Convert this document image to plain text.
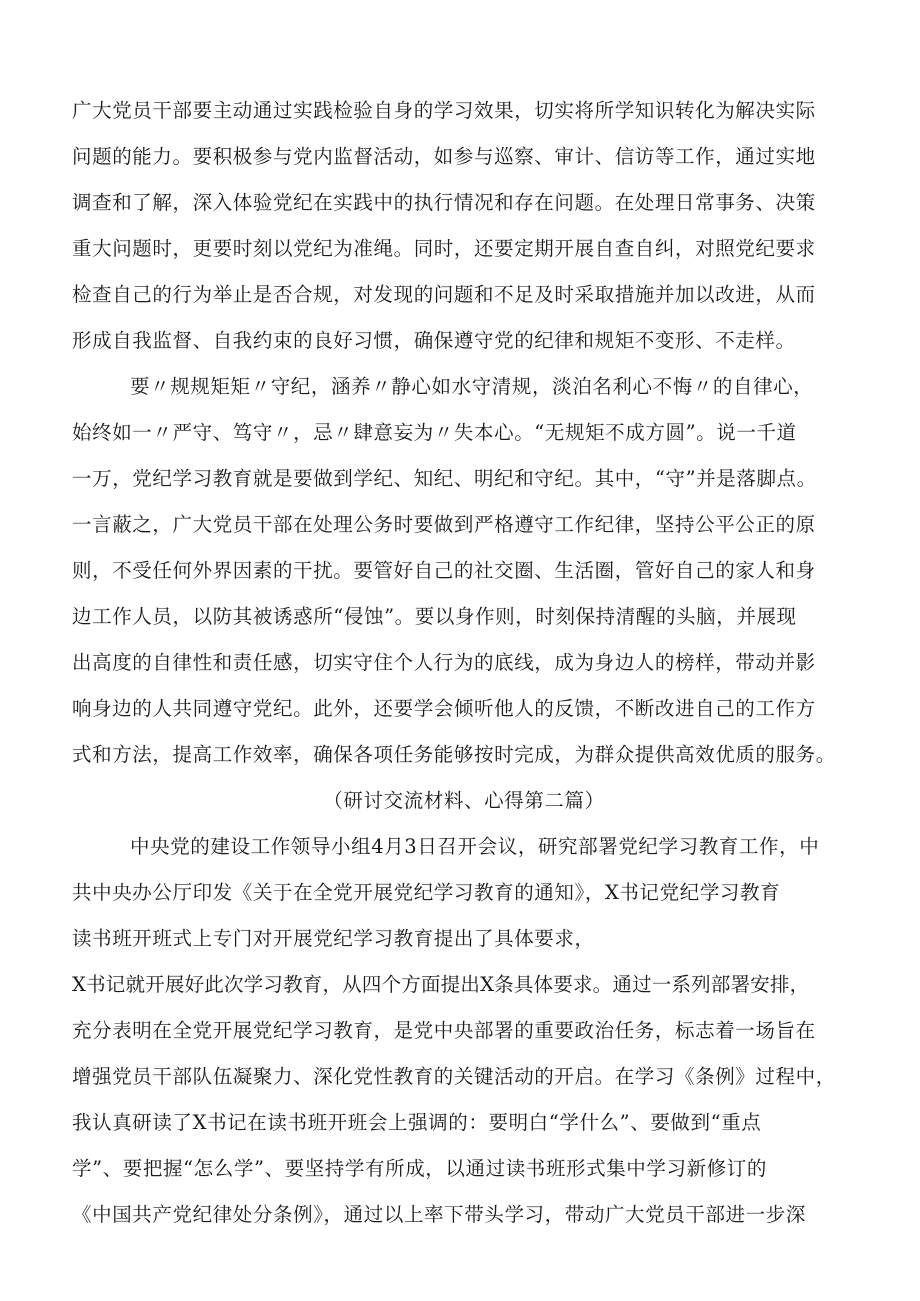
广大党员干部要主动通过实践检验自身的学习效果，切实将所学知识转化为解决实际
问题的能力。要积极参与党内监督活动，如参与巡察、审计、信访等工作，通过实地
调查和了解，深入体验党纪在实践中的执行情况和存在问题。在处理日常事务、决策
重大问题时，更要时刻以党纪为准绳。同时，还要定期开展自查自纠，对照党纪要求
检查自己的行为举止是否合规，对发现的问题和不足及时采取措施并加以改进，从而
形成自我监督、自我约束的良好习惯，确保遵守党的纪律和规矩不变形、不走样。
要〃规规矩矩〃守纪，涵养〃静心如水守清规，淡泊名利心不悔〃的自律心，
始终如一〃严守、笃守〃，忌〃肆意妄为〃失本心。“无规矩不成方圆”。说一千道
一万，党纪学习教育就是要做到学纪、知纪、明纪和守纪。其中，“守”并是落脚点。
一言蔽之，广大党员干部在处理公务时要做到严格遵守工作纪律，坚持公平公正的原
则，不受任何外界因素的干扰。要管好自己的社交圈、生活圈，管好自己的家人和身
边工作人员，以防其被诱惑所“侵蚀”。要以身作则，时刻保持清醒的头脑，并展现
出高度的自律性和责任感，切实守住个人行为的底线，成为身边人的榜样，带动并影
响身边的人共同遵守党纪。此外，还要学会倾听他人的反馈，不断改进自己的工作方
式和方法，提高工作效率，确保各项任务能够按时完成，为群众提供高效优质的服务。
（研讨交流材料、心得第二篇）
中央党的建设工作领导小组4月3日召开会议，研究部署党纪学习教育工作，中
共中央办公厅印发《关于在全党开展党纪学习教育的通知》，X书记党纪学习教育
读书班开班式上专门对开展党纪学习教育提出了具体要求，
X书记就开展好此次学习教育，从四个方面提出X条具体要求。通过一系列部署安排，
充分表明在全党开展党纪学习教育，是党中央部署的重要政治任务，标志着一场旨在
增强党员干部队伍凝聚力、深化党性教育的关键活动的开启。在学习《条例》过程中，
我认真研读了X书记在读书班开班会上强调的：要明白“学什么”、要做到“重点
学”、要把握“怎么学”、要坚持学有所成，以通过读书班形式集中学习新修订的
《中国共产党纪律处分条例》，通过以上率下带头学习，带动广大党员干部进一步深
